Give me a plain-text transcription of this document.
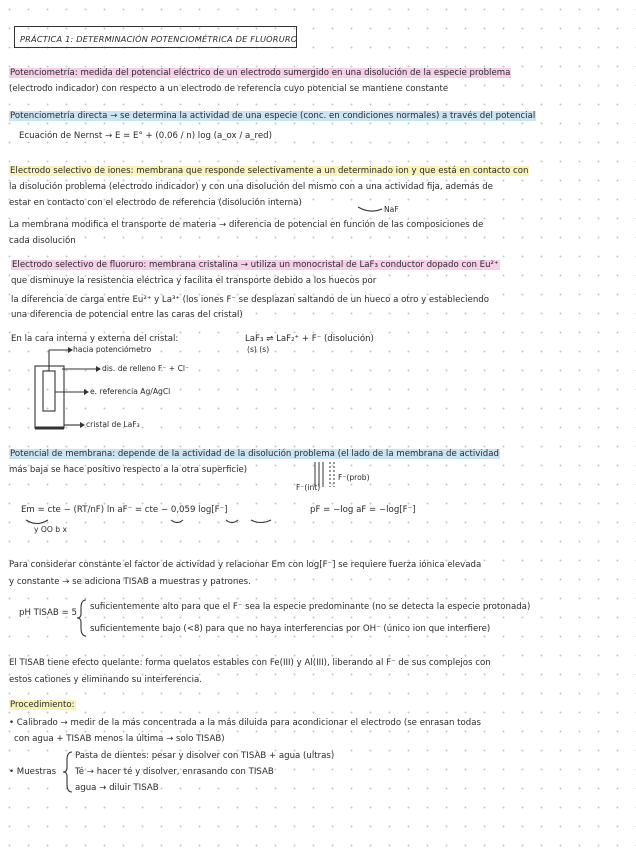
PRÁCTICA 1: DETERMINACIÓN POTENCIOMÉTRICA DE FLUORURO
Potenciometría: medida del potencial eléctrico de un electrodo sumergido en una disolución de la especie problema
(electrodo indicador) con respecto a un electrodo de referencia cuyo potencial se mantiene constante
Potenciometría directa → se determina la actividad de una especie (conc. en condiciones normales) a través del potencial
Ecuación de Nernst → E = E° + (0.06 / n) log (a_ox / a_red)
Electrodo selectivo de iones: membrana que responde selectivamente a un determinado ion y que está en contacto con
la disolución problema (electrodo indicador) y con una disolución del mismo con a una actividad fija, además de
estar en contacto con el electrodo de referencia (disolución interna)
NaF
La membrana modifica el transporte de materia → diferencia de potencial en función de las composiciones de
cada disolución
Electrodo selectivo de fluoruro: membrana cristalina → utiliza un monocristal de LaF₃ conductor dopado con Eu²⁺
que disminuye la resistencia eléctrica y facilita el transporte debido a los huecos por
la diferencia de carga entre Eu²⁺ y La³⁺ (los iones F⁻ se desplazan saltando de un hueco a otro y estableciendo
una diferencia de potencial entre las caras del cristal)
En la cara interna y externa del cristal:	LaF₃ ⇌ LaF₂⁺ + F⁻ (disolución)
(s) (s)
hacia potenciómetro
dis. de relleno F⁻ + Cl⁻
e. referencia Ag/AgCl
cristal de LaF₃
Potencial de membrana: depende de la actividad de la disolución problema (el lado de la membrana de actividad
más baja se hace positivo respecto a la otra superficie)
F⁻(int)
F⁻(prob)
Em = cte − (RT/nF) ln aF⁻ = cte − 0,059 log[F⁻]	pF = −log aF = −log[F⁻]
y OO b x
Para considerar constante el factor de actividad y relacionar Em con log[F⁻] se requiere fuerza iónica elevada
y constante → se adiciona TISAB a muestras y patrones.
pH TISAB = 5
suficientemente alto para que el F⁻ sea la especie predominante (no se detecta la especie protonada)
suficientemente bajo (<8) para que no haya interferencias por OH⁻ (único ion que interfiere)
El TISAB tiene efecto quelante: forma quelatos estables con Fe(III) y Al(III), liberando al F⁻ de sus complejos con
estos cationes y eliminando su interferencia.
Procedimiento:
• Calibrado → medir de la más concentrada a la más diluida para acondicionar el electrodo (se enrasan todas
con agua + TISAB menos la última → solo TISAB)
• Muestras
Pasta de dientes: pesar y disolver con TISAB + agua (ultras)
Té → hacer té y disolver, enrasando con TISAB
agua → diluir TISAB
